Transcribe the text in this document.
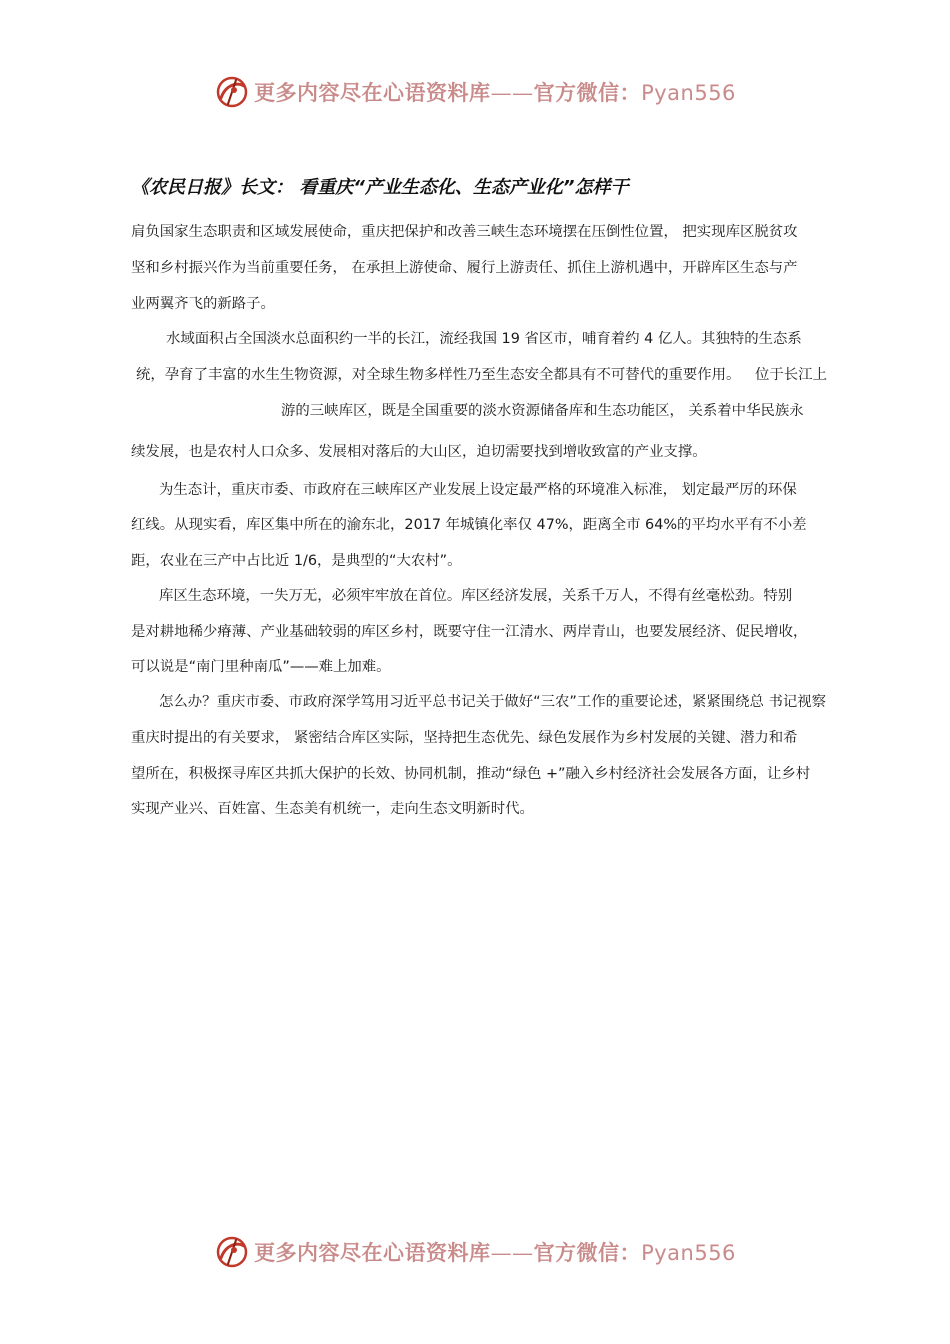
更多内容尽在心语资料库——官方微信：Pyan556
《农民日报》长文： 看重庆“产业生态化、生态产业化”怎样干
肩负国家生态职责和区域发展使命，重庆把保护和改善三峡生态环境摆在压倒性位置， 把实现库区脱贫攻
坚和乡村振兴作为当前重要任务， 在承担上游使命、履行上游责任、抓住上游机遇中，开辟库区生态与产
业两翼齐飞的新路子。
水域面积占全国淡水总面积约一半的长江，流经我国 19 省区市，哺育着约 4 亿人。其独特的生态系
统，孕育了丰富的水生生物资源，对全球生物多样性乃至生态安全都具有不可替代的重要作用。 位于长江上
游的三峡库区，既是全国重要的淡水资源储备库和生态功能区， 关系着中华民族永
续发展，也是农村人口众多、发展相对落后的大山区，迫切需要找到增收致富的产业支撑。
为生态计，重庆市委、市政府在三峡库区产业发展上设定最严格的环境准入标准， 划定最严厉的环保
红线。从现实看，库区集中所在的渝东北，2017 年城镇化率仅 47%，距离全市 64%的平均水平有不小差
距，农业在三产中占比近 1/6，是典型的“大农村”。
库区生态环境，一失万无，必须牢牢放在首位。库区经济发展，关系千万人，不得有丝毫松劲。特别
是对耕地稀少瘠薄、产业基础较弱的库区乡村，既要守住一江清水、两岸青山，也要发展经济、促民增收，
可以说是“南门里种南瓜”——难上加难。
怎么办？重庆市委、市政府深学笃用习近平总书记关于做好“三农”工作的重要论述，紧紧围绕总 书记视察
重庆时提出的有关要求， 紧密结合库区实际，坚持把生态优先、绿色发展作为乡村发展的关键、潜力和希
望所在，积极探寻库区共抓大保护的长效、协同机制，推动“绿色 +”融入乡村经济社会发展各方面，让乡村
实现产业兴、百姓富、生态美有机统一，走向生态文明新时代。
更多内容尽在心语资料库——官方微信：Pyan556
